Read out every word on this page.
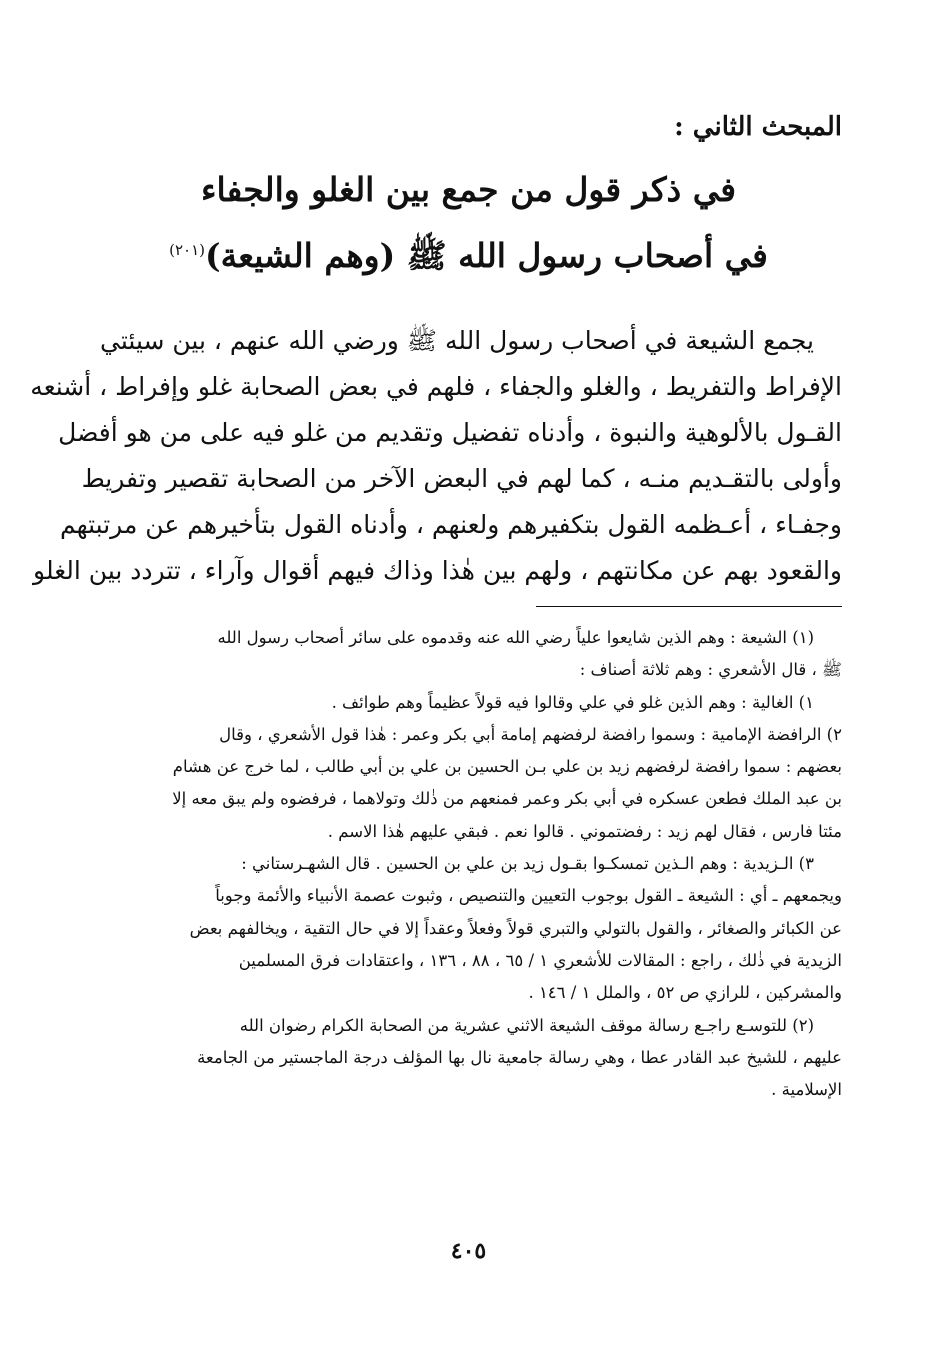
المبحث الثاني :
في ذكر قول من جمع بين الغلو والجفاء
في أصحاب رسول الله ﷺ (وهم الشيعة)$^{(٢٠١)}$
يجمع الشيعة في أصحاب رسول الله ﷺ ورضي الله عنهم ، بين سيئتي
الإفراط والتفريط ، والغلو والجفاء ، فلهم في بعض الصحابة غلو وإفراط ، أشنعه
القـول بالألوهية والنبوة ، وأدناه تفضيل وتقديم من غلو فيه على من هو أفضل
وأولى بالتقـديم منـه ، كما لهم في البعض الآخر من الصحابة تقصير وتفريط
وجفـاء ، أعـظمه القول بتكفيرهم ولعنهم ، وأدناه القول بتأخيرهم عن مرتبتهم
والقعود بهم عن مكانتهم ، ولهم بين هٰذا وذاك فيهم أقوال وآراء ، تتردد بين الغلو
(١) الشيعة : وهم الذين شايعوا علياً رضي الله عنه وقدموه على سائر أصحاب رسول الله
ﷺ ، قال الأشعري : وهم ثلاثة أصناف :
١) الغالية : وهم الذين غلو في علي وقالوا فيه قولاً عظيماً وهم طوائف .
٢) الرافضة الإمامية : وسموا رافضة لرفضهم إمامة أبي بكر وعمر : هٰذا قول الأشعري ، وقال
بعضهم : سموا رافضة لرفضهم زيد بن علي بـن الحسين بن علي بن أبي طالب ، لما خرج عن هشام
بن عبد الملك فطعن عسكره في أبي بكر وعمر فمنعهم من ذٰلك وتولاهما ، فرفضوه ولم يبق معه إلا
مئتا فارس ، فقال لهم زيد : رفضتموني . قالوا نعم . فبقي عليهم هٰذا الاسم .
٣) الـزيدية : وهم الـذين تمسكـوا بقـول زيد بن علي بن الحسين . قال الشهـرستاني :
ويجمعهم ـ أي : الشيعة ـ القول بوجوب التعيين والتنصيص ، وثبوت عصمة الأنبياء والأئمة وجوباً
عن الكبائر والصغائر ، والقول بالتولي والتبري قولاً وفعلاً وعقداً إلا في حال التقية ، ويخالفهم بعض
الزيدية في ذٰلك ، راجع : المقالات للأشعري ١ / ٦٥ ، ٨٨ ، ١٣٦ ، واعتقادات فرق المسلمين
والمشركين ، للرازي ص ٥٢ ، والملل ١ / ١٤٦ .
(٢) للتوسـع راجـع رسالة موقف الشيعة الاثني عشرية من الصحابة الكرام رضوان الله
عليهم ، للشيخ عبد القادر عطا ، وهي رسالة جامعية نال بها المؤلف درجة الماجستير من الجامعة
الإسلامية .
٤٠٥
